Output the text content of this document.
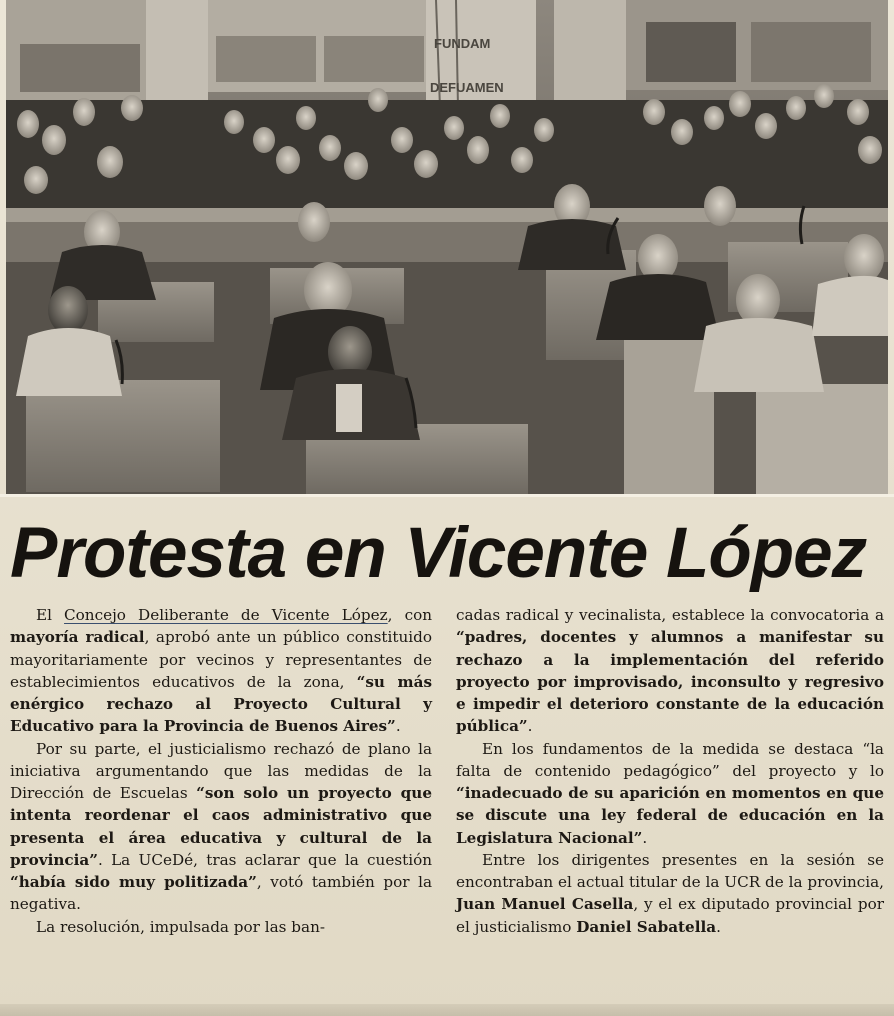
FUNDAM
DEFUAMEN
Protesta en Vicente López

El Concejo Deliberante de Vicente López, con mayoría radical, aprobó ante un público constituido mayoritariamente por vecinos y representantes de establecimientos educativos de la zona, “su más enérgico rechazo al Proyecto Cultural y Educativo para la Provincia de Buenos Aires”.

Por su parte, el justicialismo rechazó de plano la iniciativa argumentando que las medidas de la Dirección de Escuelas “son solo un proyecto que intenta reordenar el caos administrativo que presenta el área educativa y cultural de la provincia”. La UCeDé, tras aclarar que la cuestión “había sido muy politizada”, votó también por la negativa.

La resolución, impulsada por las ban-

cadas radical y vecinalista, establece la convocatoria a “padres, docentes y alumnos a manifestar su rechazo a la implementación del referido proyecto por improvisado, inconsulto y regresivo e impedir el deterioro constante de la educación pública”.

En los fundamentos de la medida se destaca “la falta de contenido pedagógico” del proyecto y lo “inadecuado de su aparición en momentos en que se discute una ley federal de educación en la Legislatura Nacional”.

Entre los dirigentes presentes en la sesión se encontraban el actual titular de la UCR de la provincia, Juan Manuel Casella, y el ex diputado provincial por el justicialismo Daniel Sabatella.
